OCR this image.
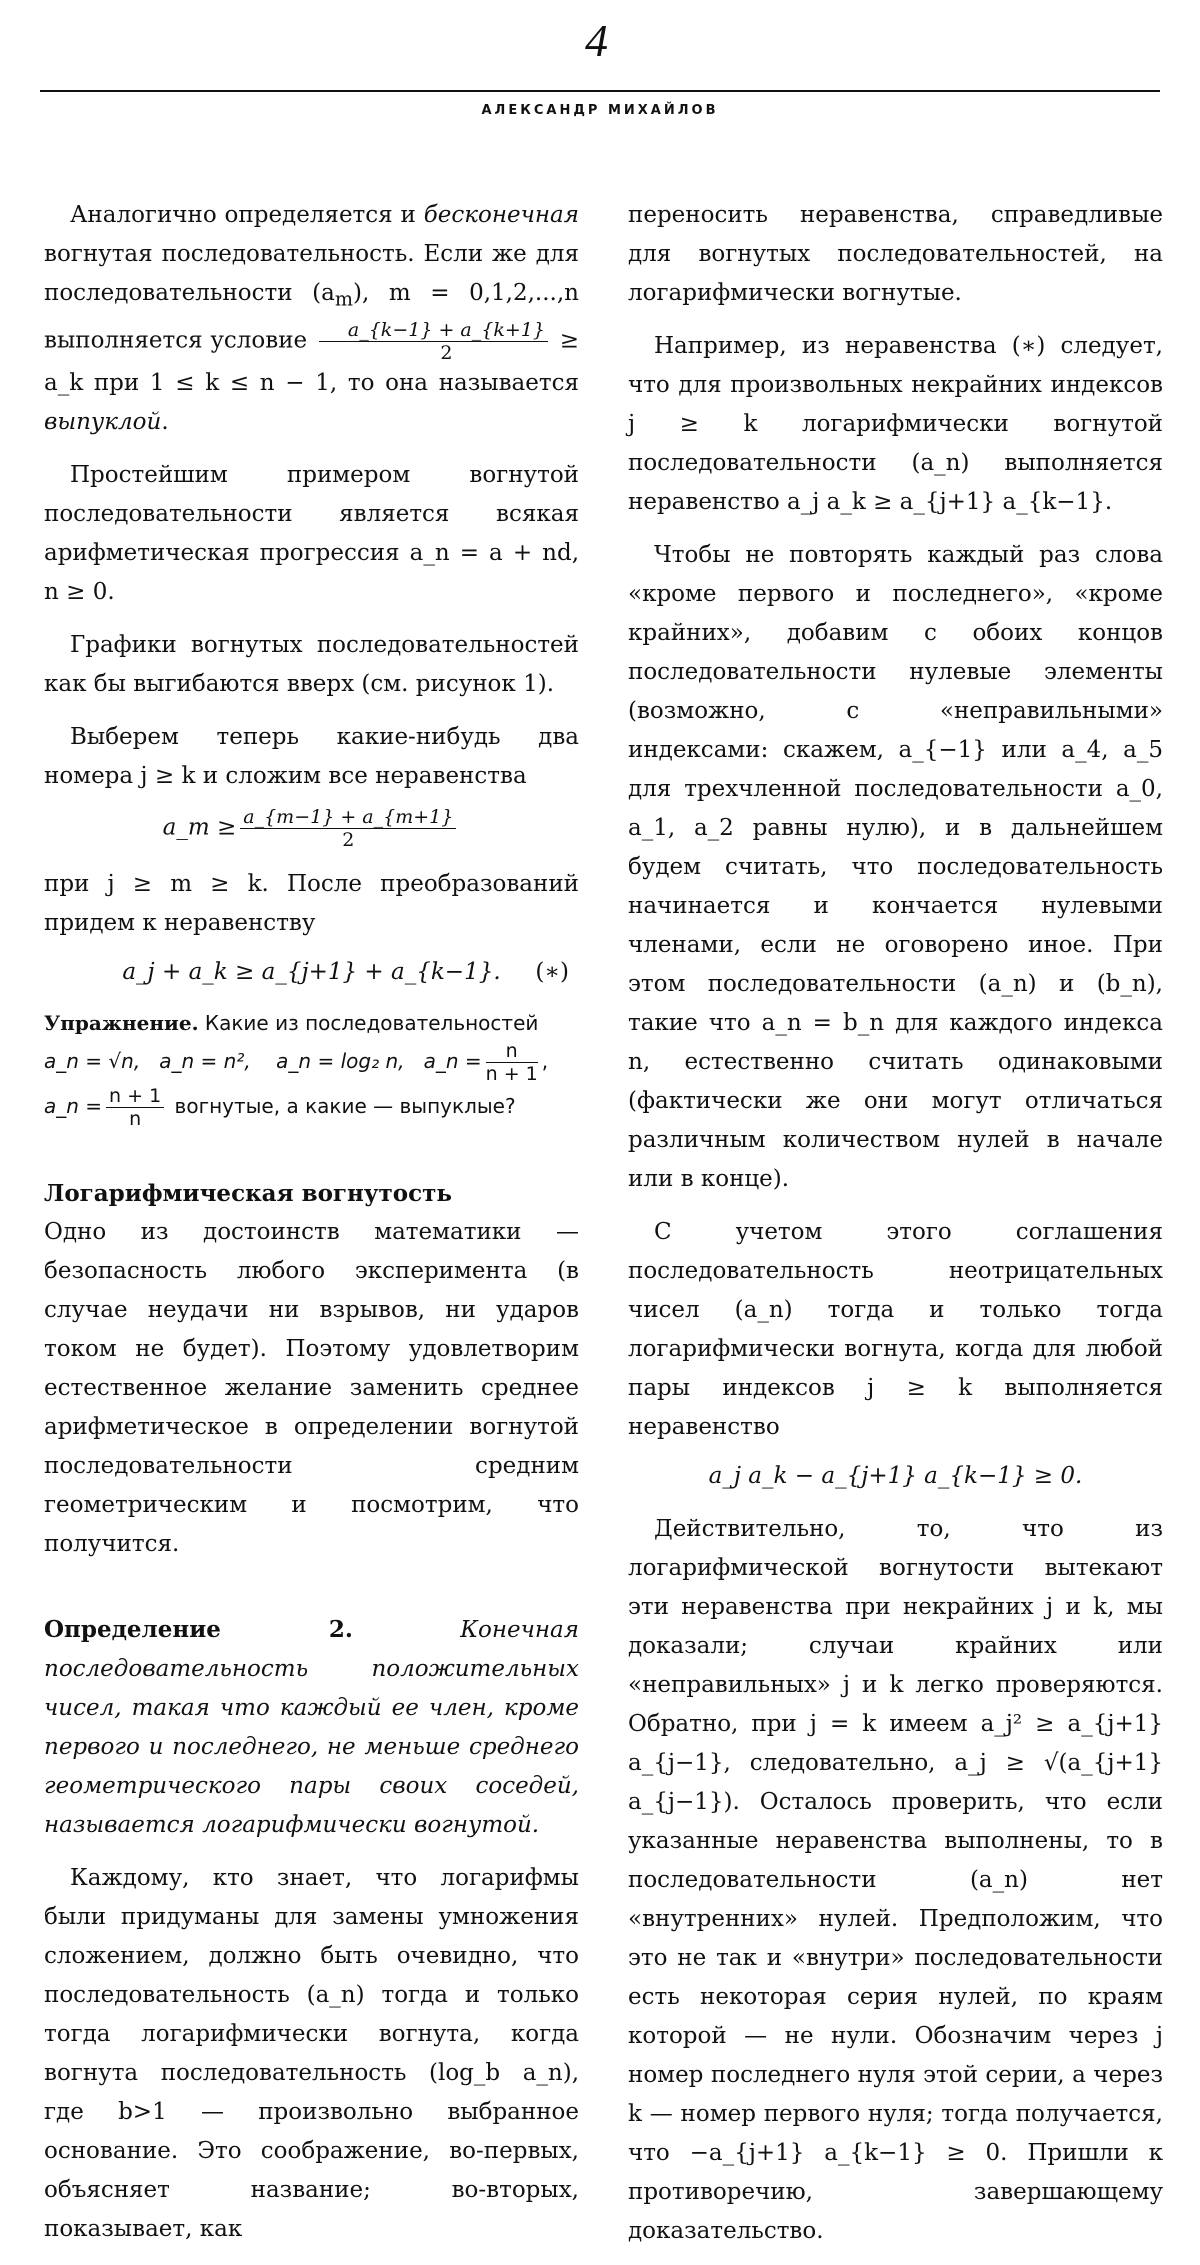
4
АЛЕКСАНДР МИХАЙЛОВ

Аналогично определяется и бесконечная вогнутая последовательность. Если же для последовательности $(a_m)$, m = 0,1,2,...,n выполняется условие $\frac{a\_\{k-1\} + a\_\{k+1\}}{2}$ ≥ a_k при 1 ≤ k ≤ n − 1, то она называется выпуклой.

Простейшим примером вогнутой последовательности является всякая арифметическая прогрессия a_n = a + nd, n ≥ 0.

Графики вогнутых последовательностей как бы выгибаются вверх (см. рисунок 1).

Выберем теперь какие-нибудь два номера j ≥ k и сложим все неравенства

a_m ≥ $\frac{a\_\{m-1\} + a\_\{m+1\}}{2}$

при j ≥ m ≥ k. После преобразований придем к неравенству

a_j + a_k ≥ a_{j+1} + a_{k−1}. (∗)
Упражнение. Какие из последовательностей
a_n = √n, a_n = n², a_n = log₂ n, a_n = $\frac{n}{n + 1}$ ,
a_n = $\frac{n + 1}{n}$ вогнутые, а какие — выпуклые?
Логарифмическая вогнутость

Одно из достоинств математики — безопасность любого эксперимента (в случае неудачи ни взрывов, ни ударов током не будет). Поэтому удовлетворим естественное желание заменить среднее арифметическое в определении вогнутой последовательности средним геометрическим и посмотрим, что получится.

Определение 2.	Конечная последовательность положительных чисел, такая что каждый ее член, кроме первого и последнего, не меньше среднего геометрического пары своих соседей, называется логарифмически вогнутой.

Каждому, кто знает, что логарифмы были придуманы для замены умножения сложением, должно быть очевидно, что последовательность (a_n) тогда и только тогда логарифмически вогнута, когда вогнута последовательность (log_b a_n), где b>1 — произвольно выбранное основание. Это соображение, во-первых, объясняет название; во-вторых, показывает, как

переносить неравенства, справедливые для вогнутых последовательностей, на логарифмически вогнутые.

Например, из неравенства (∗) следует, что для произвольных некрайних индексов j ≥ k логарифмически вогнутой последовательности (a_n) выполняется неравенство a_j a_k ≥ a_{j+1} a_{k−1}.

Чтобы не повторять каждый раз слова «кроме первого и последнего», «кроме крайних», добавим с обоих концов последовательности нулевые элементы (возможно, с «неправильными» индексами: скажем, a_{−1} или a_4, a_5 для трехчленной последовательности a_0, a_1, a_2 равны нулю), и в дальнейшем будем считать, что последовательность начинается и кончается нулевыми членами, если не оговорено иное. При этом последовательности (a_n) и (b_n), такие что a_n = b_n для каждого индекса n, естественно считать одинаковыми (фактически же они могут отличаться различным количеством нулей в начале или в конце).

С учетом этого соглашения последовательность неотрицательных чисел (a_n) тогда и только тогда логарифмически вогнута, когда для любой пары индексов j ≥ k выполняется неравенство

a_j a_k − a_{j+1} a_{k−1} ≥ 0.

Действительно, то, что из логарифмической вогнутости вытекают эти неравенства при некрайних j и k, мы доказали; случаи крайних или «неправильных» j и k легко проверяются. Обратно, при j = k имеем a_j² ≥ a_{j+1} a_{j−1}, следовательно, a_j ≥ √(a_{j+1} a_{j−1}). Осталось проверить, что если указанные неравенства выполнены, то в последовательности (a_n) нет «внутренних» нулей. Предположим, что это не так и «внутри» последовательности есть некоторая серия нулей, по краям которой — не нули. Обозначим через j номер последнего нуля этой серии, а через k — номер первого нуля; тогда получается, что −a_{j+1} a_{k−1} ≥ 0. Пришли к противоречию, завершающему доказательство.
